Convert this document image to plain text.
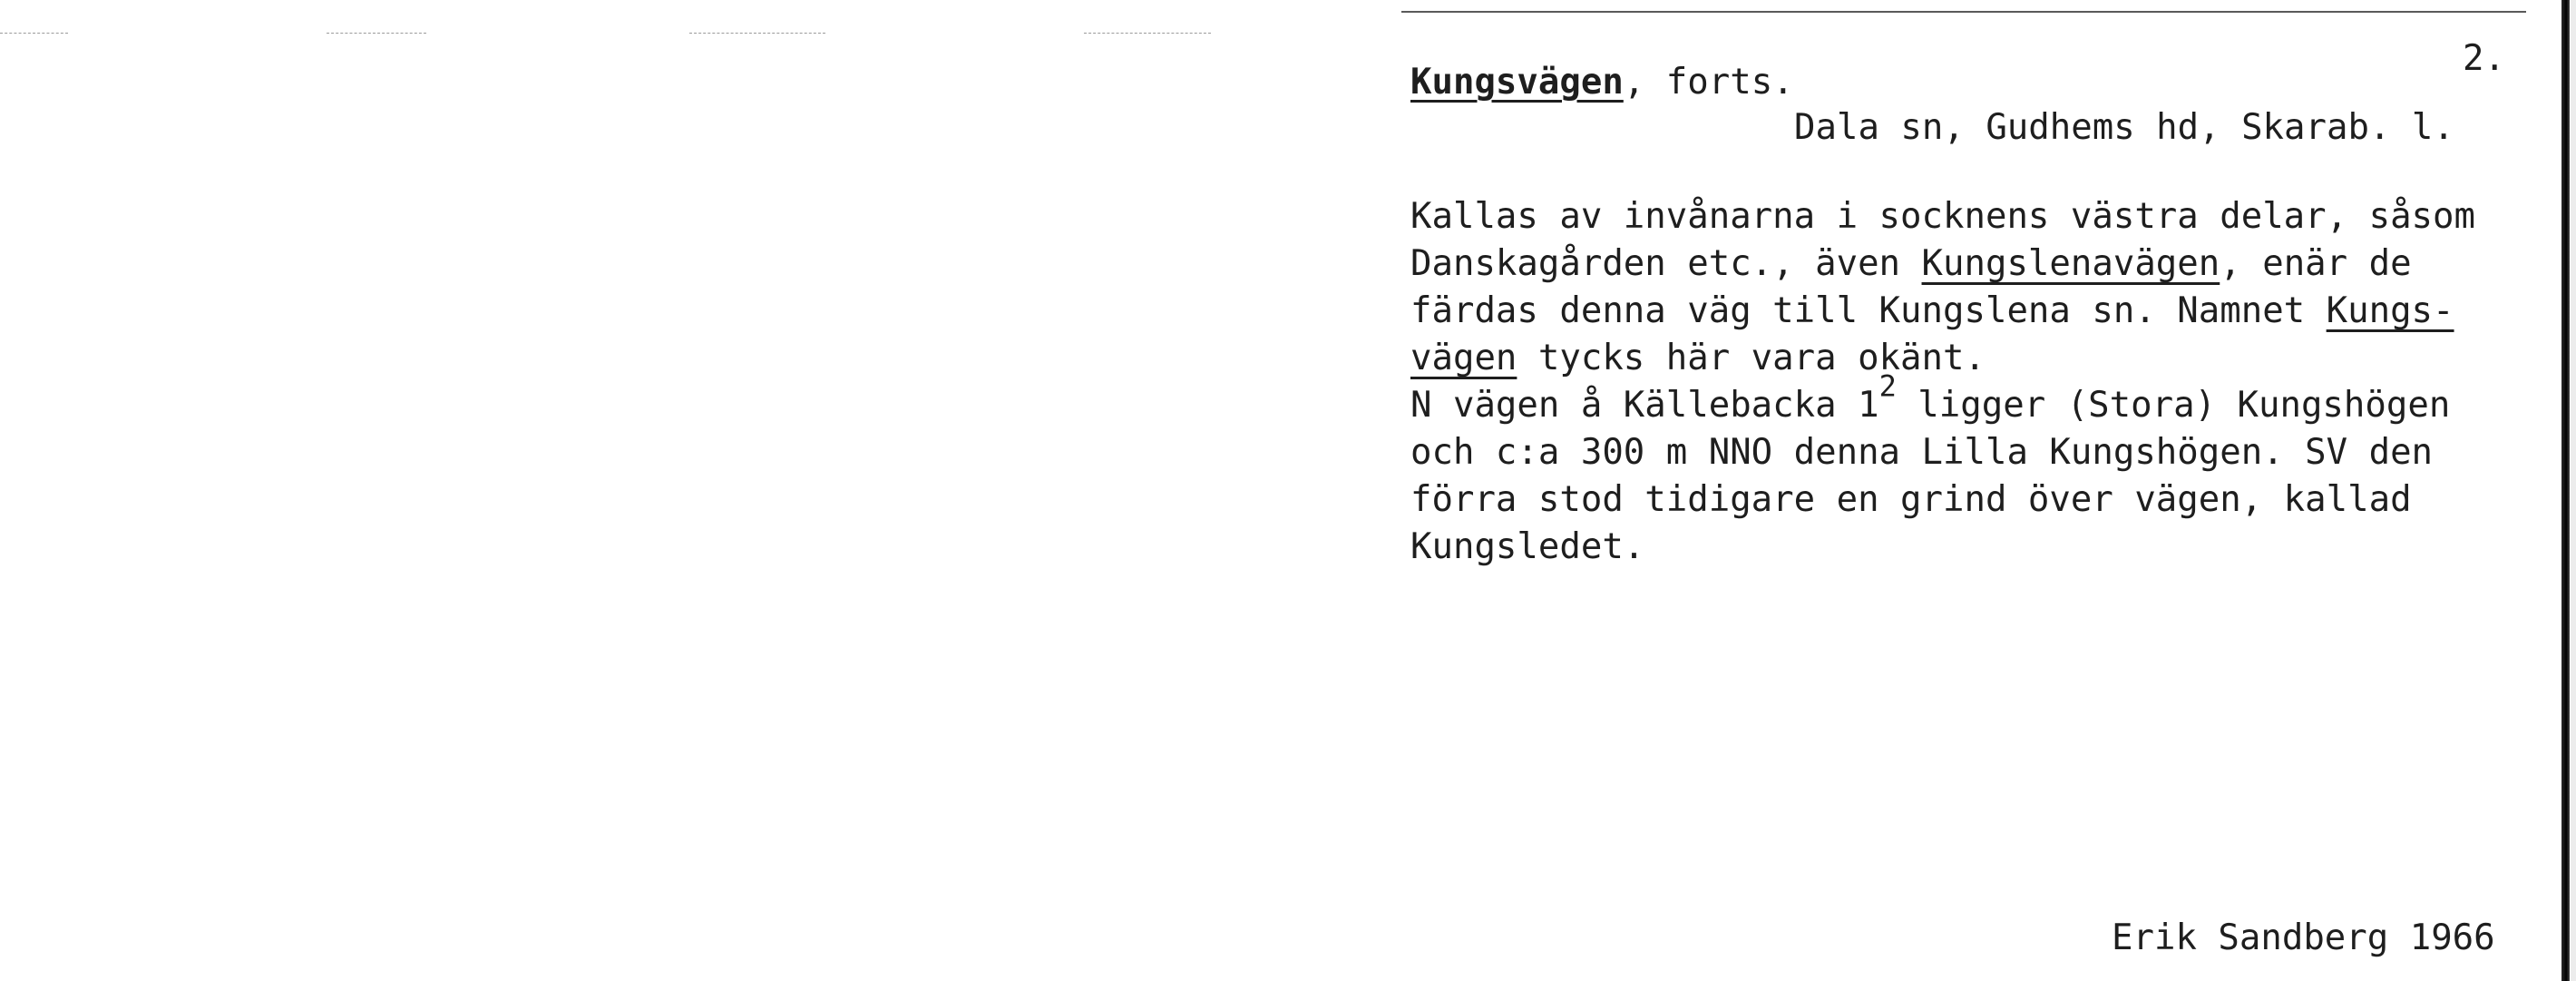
2.
Kungsvägen, forts.
Dala sn, Gudhems hd, Skarab. l.

Kallas av invånarna i socknens västra delar, såsom

Danskagården etc., även Kungslenavägen, enär de

färdas denna väg till Kungslena sn. Namnet Kungs-

vägen tycks här vara okänt.

N vägen å Källebacka $1^2$ ligger (Stora) Kungshögen

och c:a 300 m NNO denna Lilla Kungshögen. SV den

förra stod tidigare en grind över vägen, kallad

Kungsledet.

Erik Sandberg 1966
